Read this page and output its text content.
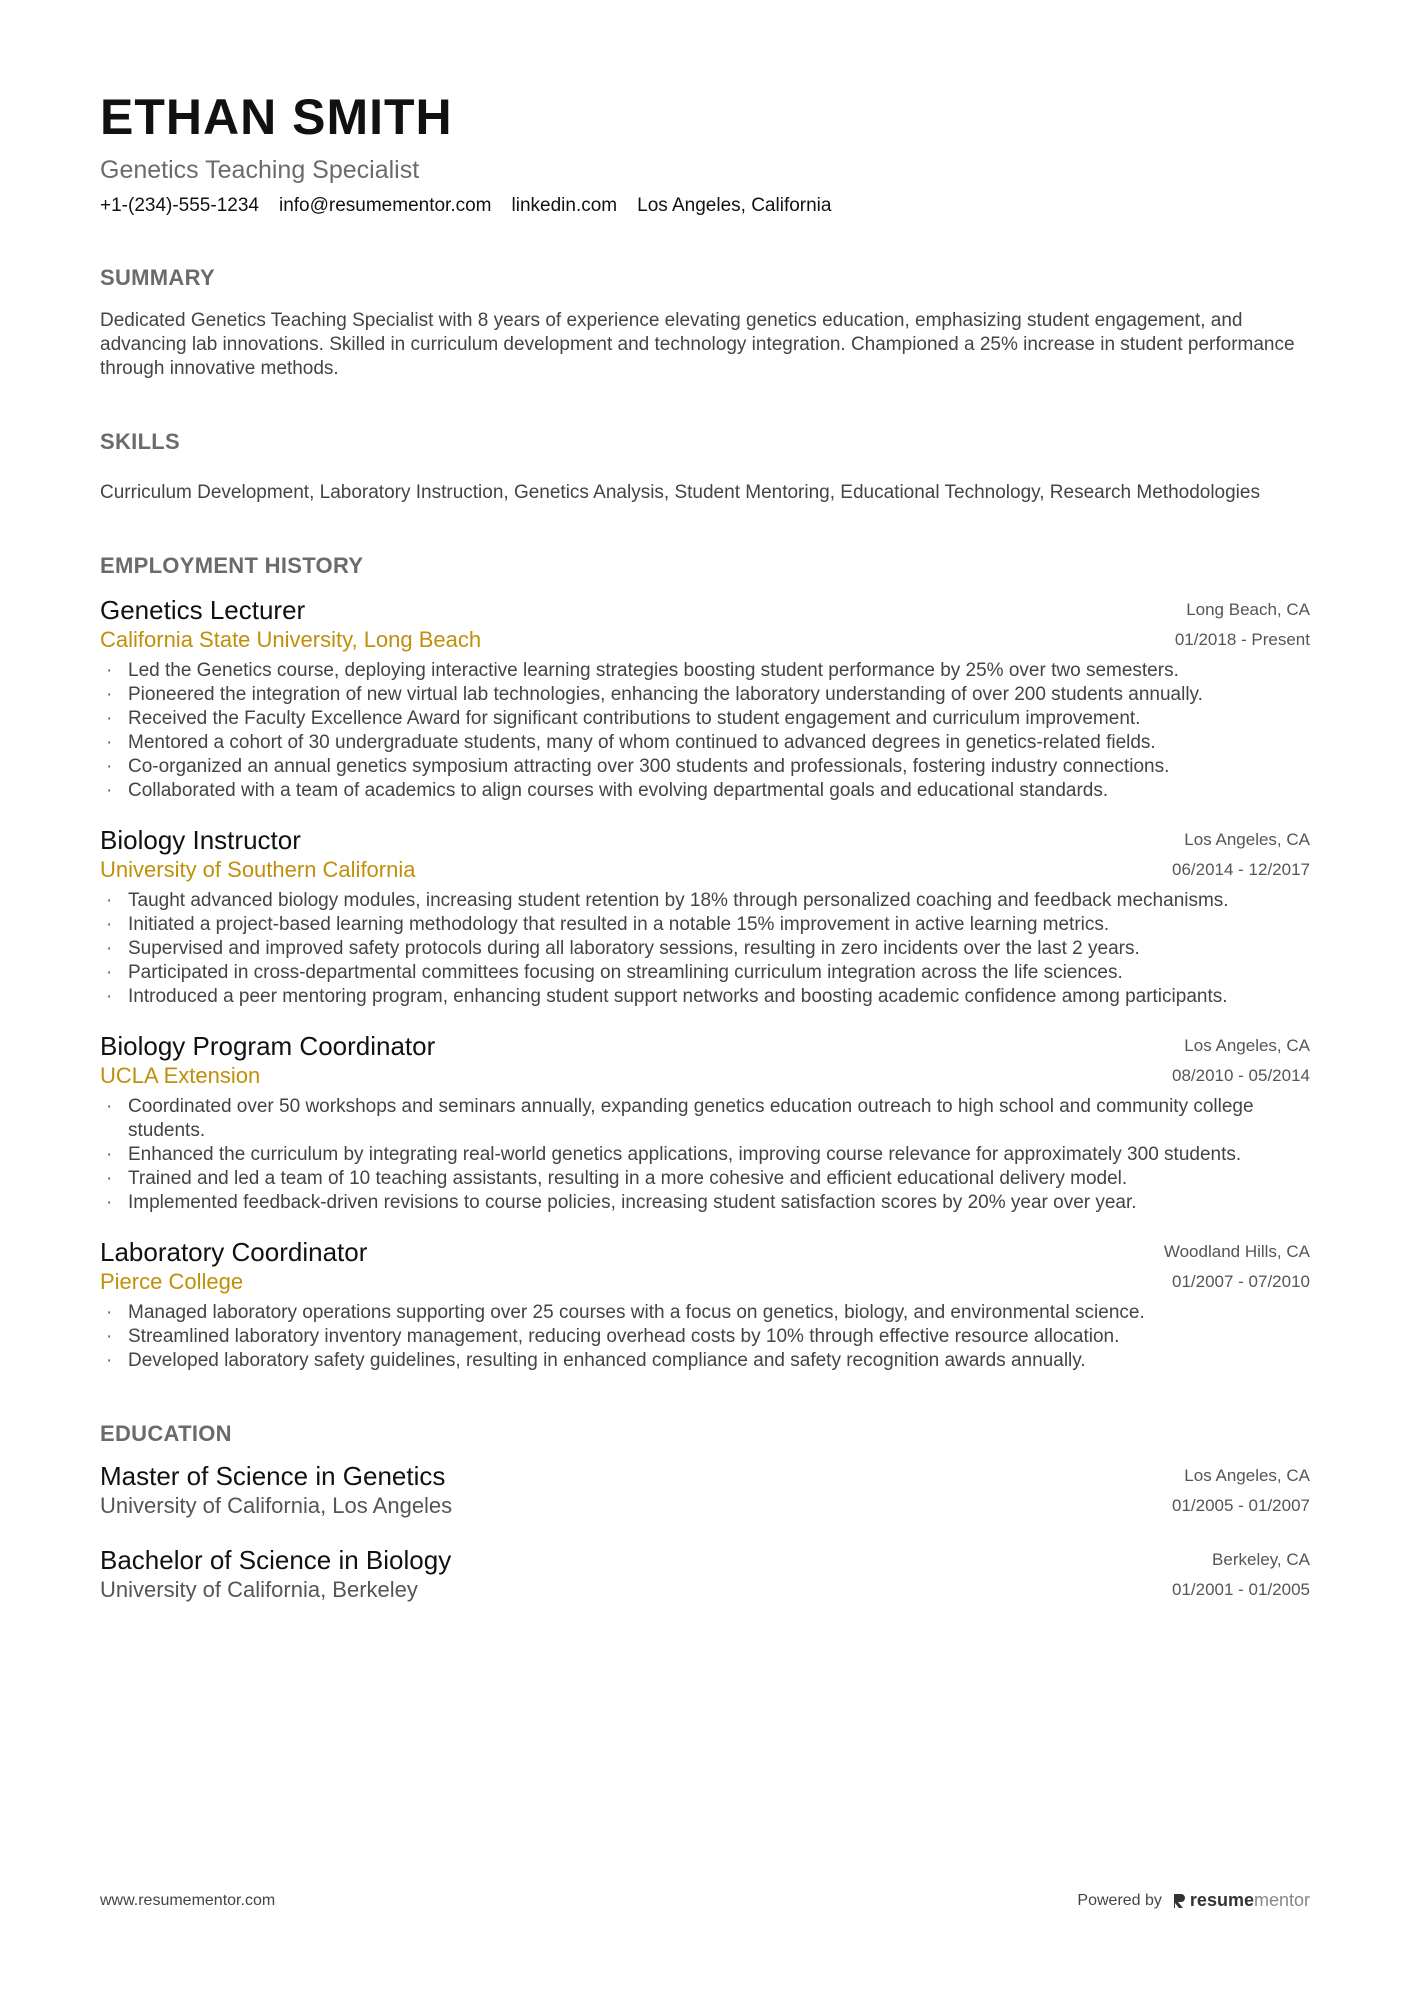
ETHAN SMITH
Genetics Teaching Specialist
+1-(234)-555-1234 info@resumementor.com linkedin.com Los Angeles, California
SUMMARY
Dedicated Genetics Teaching Specialist with 8 years of experience elevating genetics education, emphasizing student engagement, and advancing lab innovations. Skilled in curriculum development and technology integration. Championed a 25% increase in student performance through innovative methods.
SKILLS
Curriculum Development, Laboratory Instruction, Genetics Analysis, Student Mentoring, Educational Technology, Research Methodologies
EMPLOYMENT HISTORY
Genetics Lecturer
California State University, Long Beach
Long Beach, CA
01/2018 - Present
· Led the Genetics course, deploying interactive learning strategies boosting student performance by 25% over two semesters.
· Pioneered the integration of new virtual lab technologies, enhancing the laboratory understanding of over 200 students annually.
· Received the Faculty Excellence Award for significant contributions to student engagement and curriculum improvement.
· Mentored a cohort of 30 undergraduate students, many of whom continued to advanced degrees in genetics-related fields.
· Co-organized an annual genetics symposium attracting over 300 students and professionals, fostering industry connections.
· Collaborated with a team of academics to align courses with evolving departmental goals and educational standards.
Biology Instructor
University of Southern California
Los Angeles, CA
06/2014 - 12/2017
· Taught advanced biology modules, increasing student retention by 18% through personalized coaching and feedback mechanisms.
· Initiated a project-based learning methodology that resulted in a notable 15% improvement in active learning metrics.
· Supervised and improved safety protocols during all laboratory sessions, resulting in zero incidents over the last 2 years.
· Participated in cross-departmental committees focusing on streamlining curriculum integration across the life sciences.
· Introduced a peer mentoring program, enhancing student support networks and boosting academic confidence among participants.
Biology Program Coordinator
UCLA Extension
Los Angeles, CA
08/2010 - 05/2014
· Coordinated over 50 workshops and seminars annually, expanding genetics education outreach to high school and community college students.
· Enhanced the curriculum by integrating real-world genetics applications, improving course relevance for approximately 300 students.
· Trained and led a team of 10 teaching assistants, resulting in a more cohesive and efficient educational delivery model.
· Implemented feedback-driven revisions to course policies, increasing student satisfaction scores by 20% year over year.
Laboratory Coordinator
Pierce College
Woodland Hills, CA
01/2007 - 07/2010
· Managed laboratory operations supporting over 25 courses with a focus on genetics, biology, and environmental science.
· Streamlined laboratory inventory management, reducing overhead costs by 10% through effective resource allocation.
· Developed laboratory safety guidelines, resulting in enhanced compliance and safety recognition awards annually.
EDUCATION
Master of Science in Genetics
University of California, Los Angeles
Los Angeles, CA
01/2005 - 01/2007
Bachelor of Science in Biology
University of California, Berkeley
Berkeley, CA
01/2001 - 01/2005
www.resumementor.com	Powered by resume mentor
